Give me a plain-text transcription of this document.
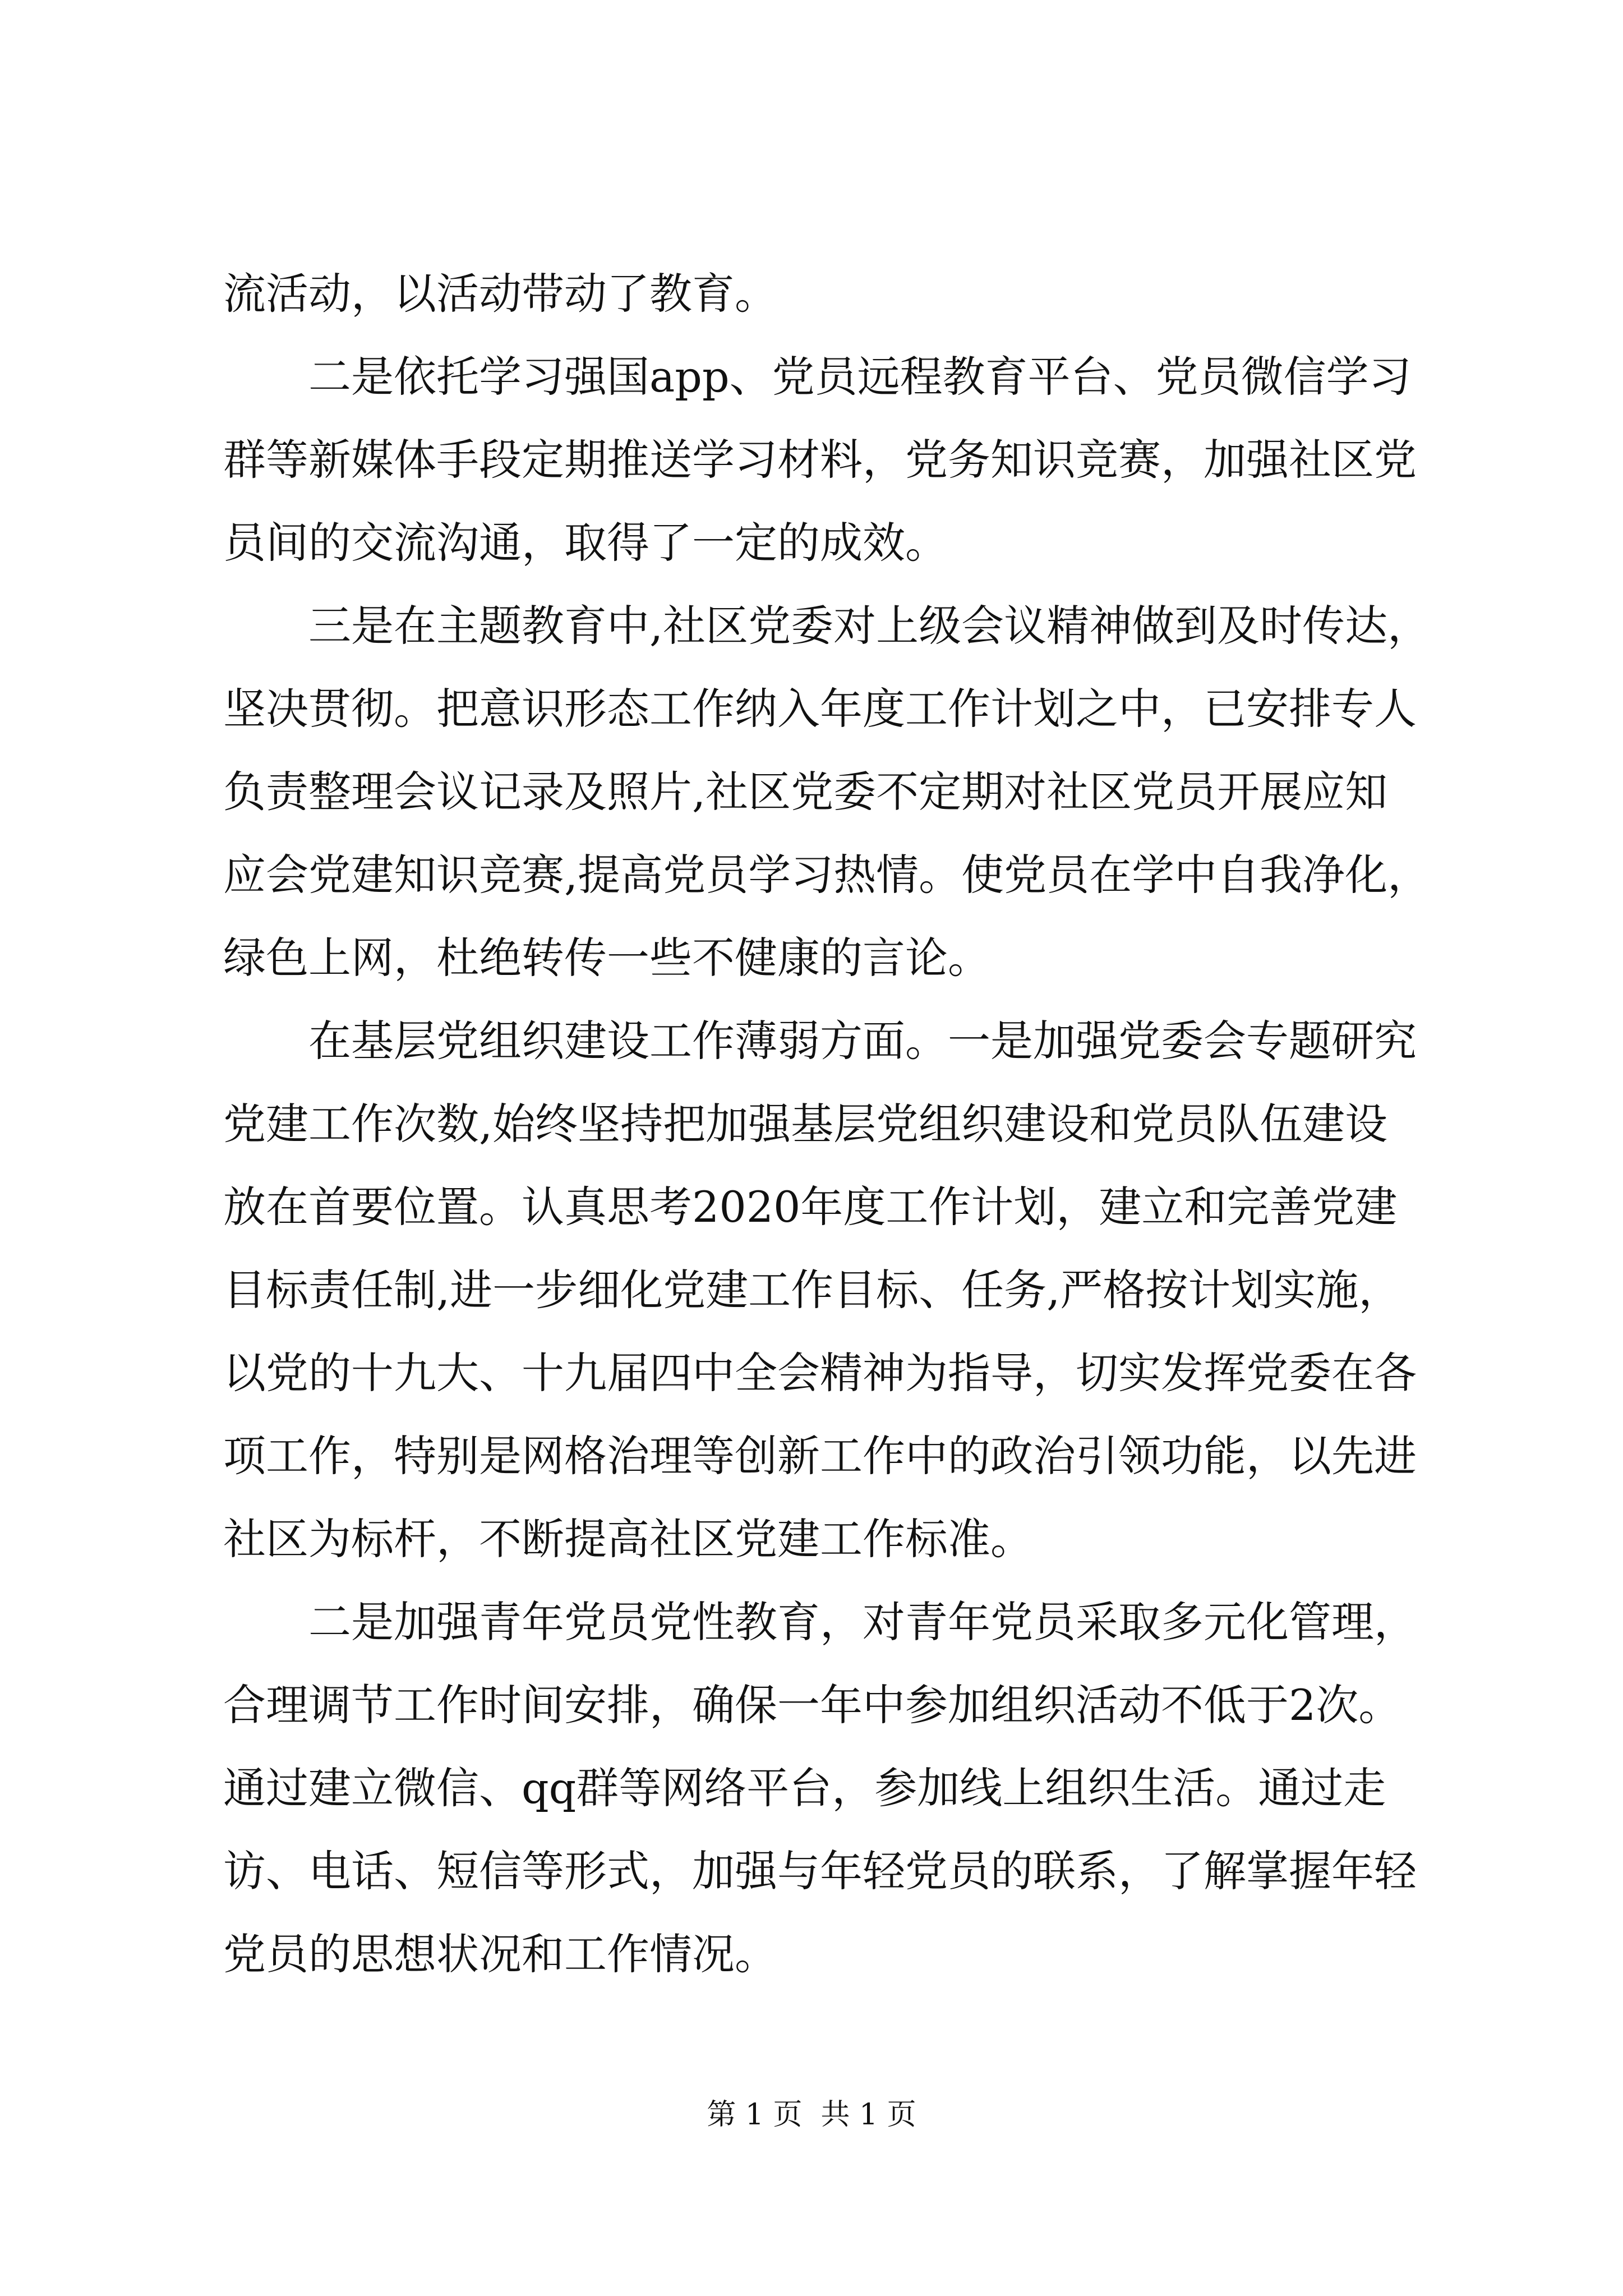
流活动，以活动带动了教育。

　　二是依托学习强国app、党员远程教育平台、党员微信学习

群等新媒体手段定期推送学习材料，党务知识竞赛，加强社区党

员间的交流沟通，取得了一定的成效。

　　三是在主题教育中,社区党委对上级会议精神做到及时传达，

坚决贯彻。把意识形态工作纳入年度工作计划之中，已安排专人

负责整理会议记录及照片,社区党委不定期对社区党员开展应知

应会党建知识竞赛,提高党员学习热情。使党员在学中自我净化，

绿色上网，杜绝转传一些不健康的言论。

　　在基层党组织建设工作薄弱方面。一是加强党委会专题研究

党建工作次数,始终坚持把加强基层党组织建设和党员队伍建设

放在首要位置。认真思考2020年度工作计划，建立和完善党建

目标责任制,进一步细化党建工作目标、任务,严格按计划实施，

以党的十九大、十九届四中全会精神为指导，切实发挥党委在各

项工作，特别是网格治理等创新工作中的政治引领功能，以先进

社区为标杆，不断提高社区党建工作标准。

　　二是加强青年党员党性教育，对青年党员采取多元化管理，

合理调节工作时间安排，确保一年中参加组织活动不低于2次。

通过建立微信、qq群等网络平台，参加线上组织生活。通过走

访、电话、短信等形式，加强与年轻党员的联系，了解掌握年轻

党员的思想状况和工作情况。

第 1 页  共 1 页
